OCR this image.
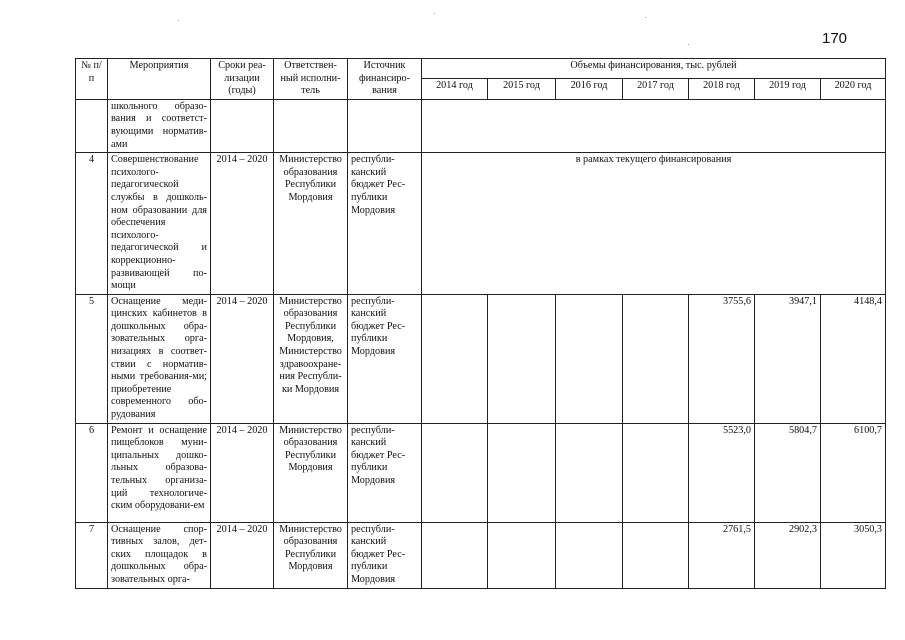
170
№ п/п	Мероприятия	Сроки реа-лизации (годы)	Ответствен-ный исполни-тель	Источник финансиро-вания	Объемы финансирования, тыс. рублей						
					2014 год	2015 год	2016 год	2017 год	2018 год	2019 год	2020 год
	школьного образо-вания и соответст-вующими норматив-ами										
4	Совершенствование психолого-педагогической службы в дошколь-ном образовании для обеспечения психолого-педагогической и коррекционно-развивающей по-мощи	2014 – 2020	Министерство образования Республики Мордовия	республи-канский бюджет Рес-публики Мордовия	в рамках текущего финансирования						
5	Оснащение меди-цинских кабинетов в дошкольных обра-зовательных орга-низациях в соответ-ствии с норматив-ными требования-ми; приобретение современного обо-рудования	2014 – 2020	Министерство образования Республики Мордовия, Министерство здравоохране-ния Республи-ки Мордовия	республи-канский бюджет Рес-публики Мордовия					3755,6	3947,1	4148,4
6	Ремонт и оснащение пищеблоков муни-ципальных дошко-льных образова-тельных организа-ций технологиче-ским оборудовани-ем	2014 – 2020	Министерство образования Республики Мордовия	республи-канский бюджет Рес-публики Мордовия					5523,0	5804,7	6100,7
7	Оснащение спор-тивных залов, дет-ских площадок в дошкольных обра-зовательных орга-	2014 – 2020	Министерство образования Республики Мордовия	республи-канский бюджет Рес-публики Мордовия					2761,5	2902,3	3050,3
